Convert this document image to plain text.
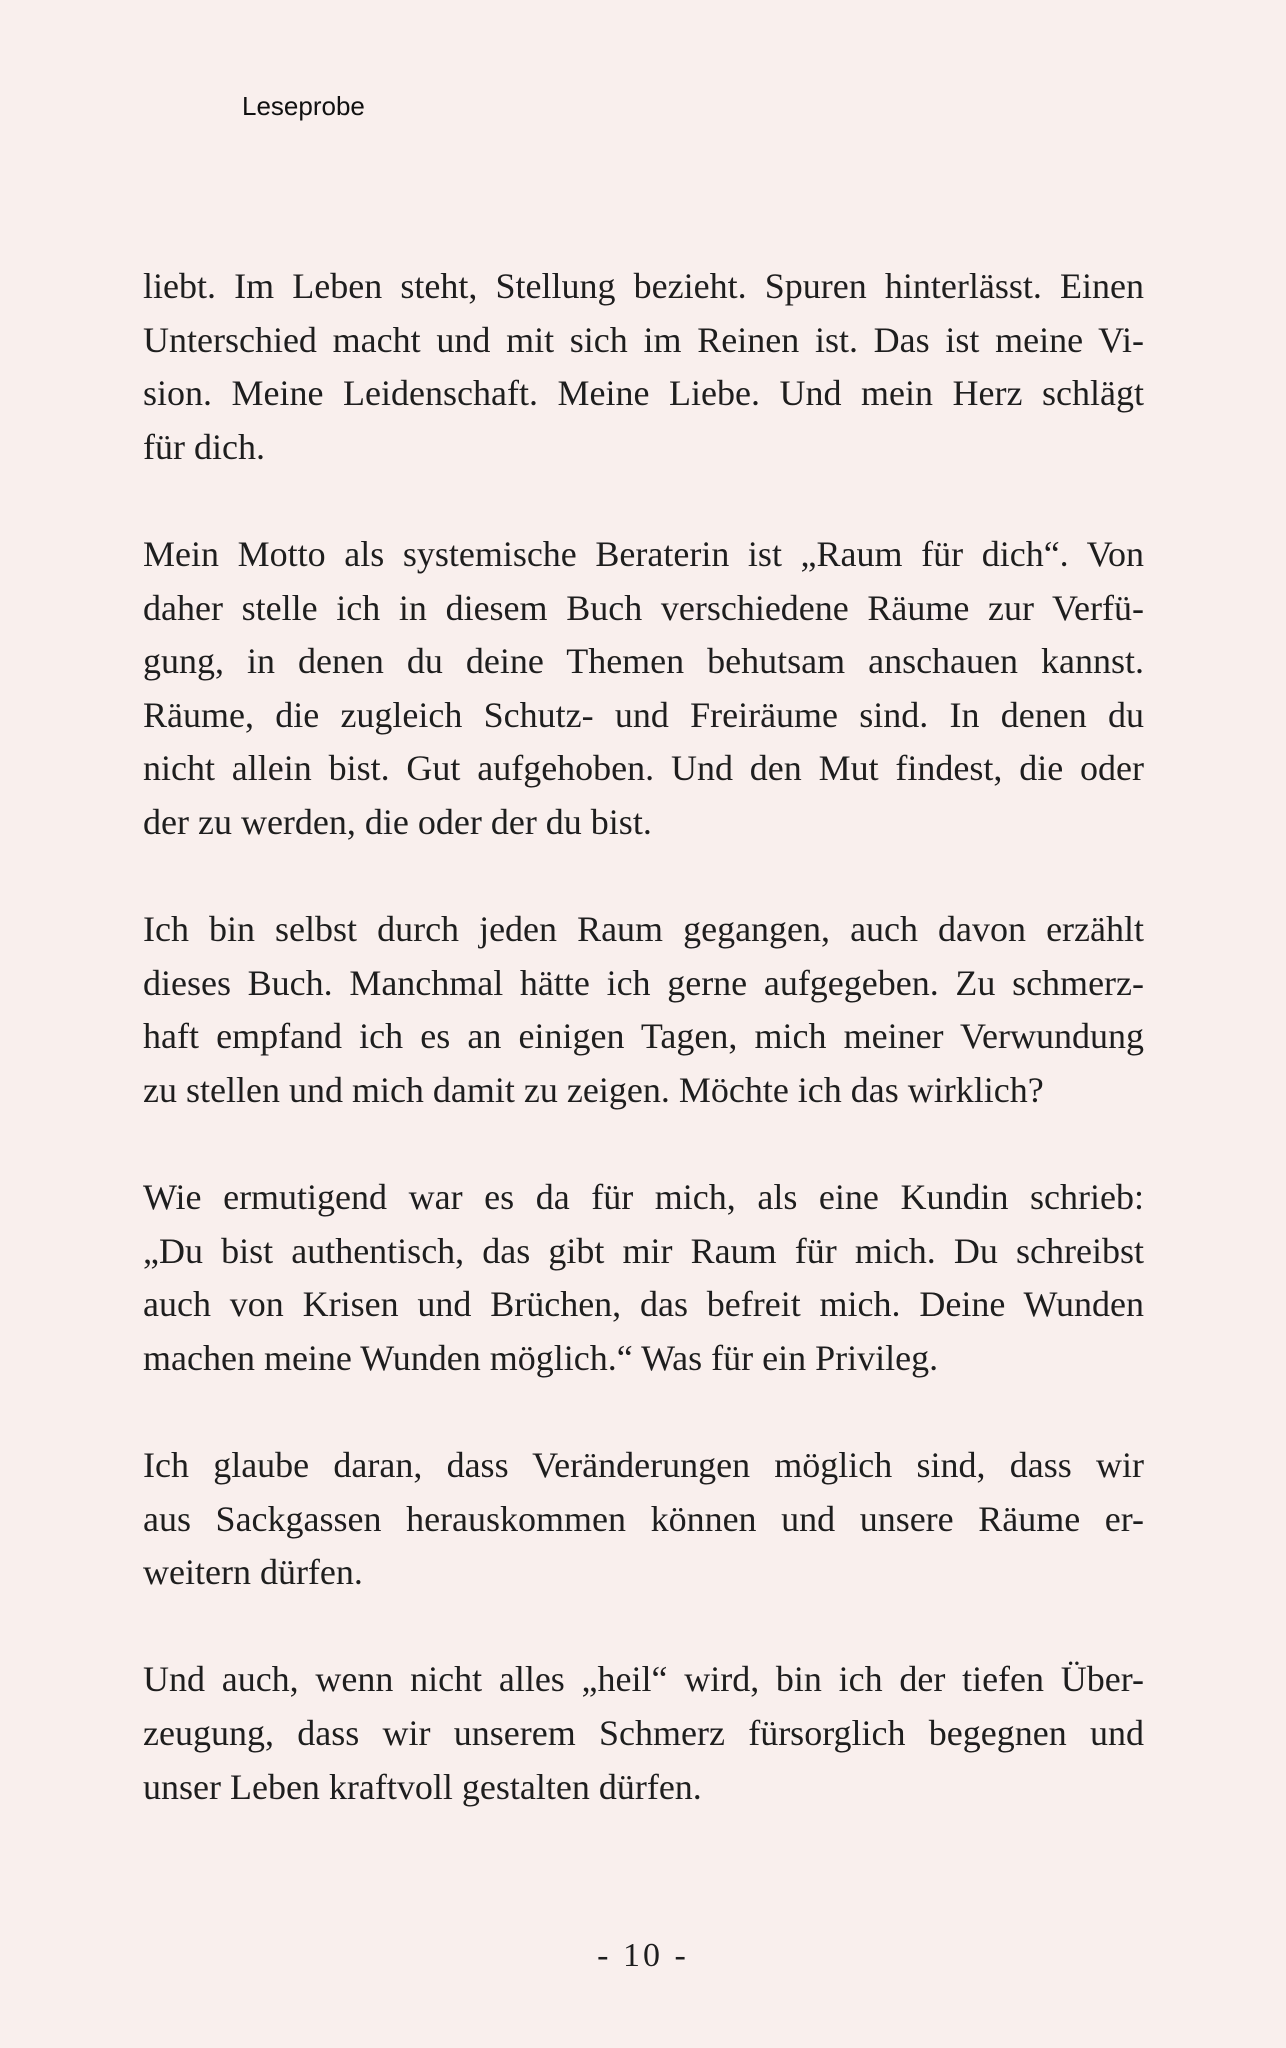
Leseprobe
liebt. Im Leben steht, Stellung bezieht. Spuren hinterlässt. Einen
Unterschied macht und mit sich im Reinen ist. Das ist meine Vi-
sion. Meine Leidenschaft. Meine Liebe. Und mein Herz schlägt
für dich.
Mein Motto als systemische Beraterin ist „Raum für dich“. Von
daher stelle ich in diesem Buch verschiedene Räume zur Verfü-
gung, in denen du deine Themen behutsam anschauen kannst.
Räume, die zugleich Schutz- und Freiräume sind. In denen du
nicht allein bist. Gut aufgehoben. Und den Mut findest, die oder
der zu werden, die oder der du bist.
Ich bin selbst durch jeden Raum gegangen, auch davon erzählt
dieses Buch. Manchmal hätte ich gerne aufgegeben. Zu schmerz-
haft empfand ich es an einigen Tagen, mich meiner Verwundung
zu stellen und mich damit zu zeigen. Möchte ich das wirklich?
Wie ermutigend war es da für mich, als eine Kundin schrieb:
„Du bist authentisch, das gibt mir Raum für mich. Du schreibst
auch von Krisen und Brüchen, das befreit mich. Deine Wunden
machen meine Wunden möglich.“ Was für ein Privileg.
Ich glaube daran, dass Veränderungen möglich sind, dass wir
aus Sackgassen herauskommen können und unsere Räume er-
weitern dürfen.
Und auch, wenn nicht alles „heil“ wird, bin ich der tiefen Über-
zeugung, dass wir unserem Schmerz fürsorglich begegnen und
unser Leben kraftvoll gestalten dürfen.
- 10 -
